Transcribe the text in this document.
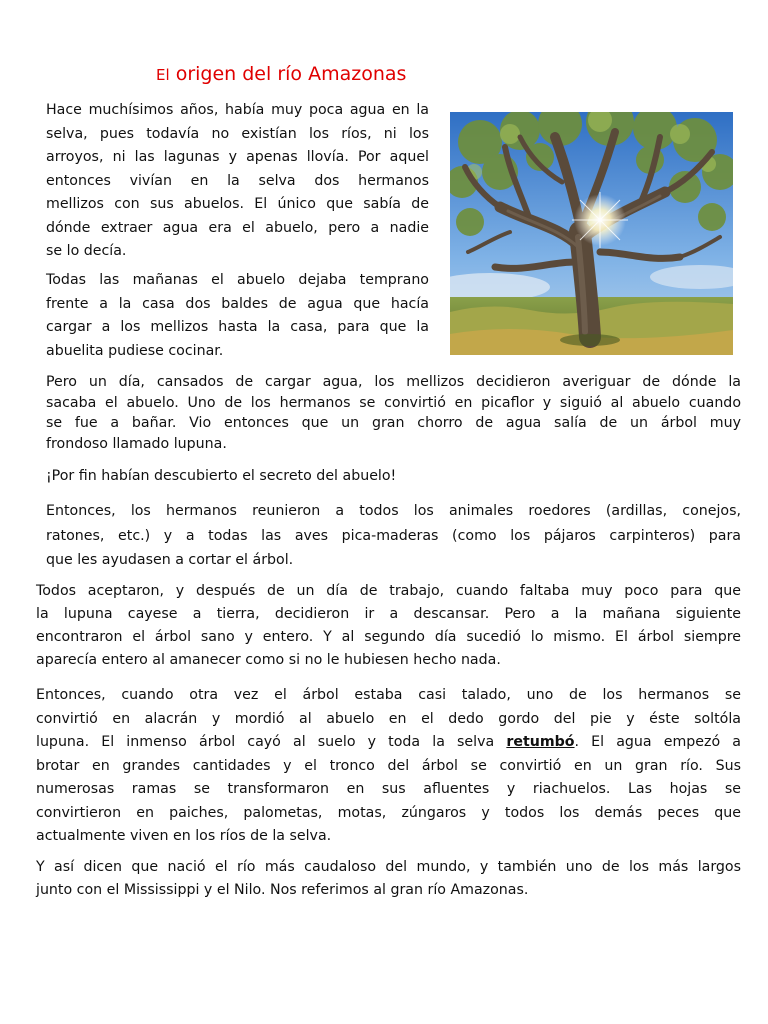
El origen del río Amazonas

Hace muchísimos años, había muy poca agua en la
selva, pues todavía no existían los ríos, ni los
arroyos, ni las lagunas y apenas llovía. Por aquel
entonces vivían en la selva dos hermanos
mellizos con sus abuelos. El único que sabía de
dónde extraer agua era el abuelo, pero a nadie
se lo decía.

Todas las mañanas el abuelo dejaba temprano
frente a la casa dos baldes de agua que hacía
cargar a los mellizos hasta la casa, para que la
abuelita pudiese cocinar.

Pero un día, cansados de cargar agua, los mellizos decidieron averiguar de dónde la
sacaba el abuelo. Uno de los hermanos se convirtió en picaflor y siguió al abuelo cuando
se fue a bañar. Vio entonces que un gran chorro de agua salía de un árbol muy
frondoso llamado lupuna.

¡Por fin habían descubierto el secreto del abuelo!

Entonces, los hermanos reunieron a todos los animales roedores (ardillas, conejos,
ratones, etc.) y a todas las aves pica-maderas (como los pájaros carpinteros) para
que les ayudasen a cortar el árbol.

Todos aceptaron, y después de un día de trabajo, cuando faltaba muy poco para que
la lupuna cayese a tierra, decidieron ir a descansar. Pero a la mañana siguiente
encontraron el árbol sano y entero. Y al segundo día sucedió lo mismo. El árbol siempre
aparecía entero al amanecer como si no le hubiesen hecho nada.

Entonces, cuando otra vez el árbol estaba casi talado, uno de los hermanos se
convirtió en alacrán y mordió al abuelo en el dedo gordo del pie y éste soltóla
lupuna. El inmenso árbol cayó al suelo y toda la selva retumbó. El agua empezó a
brotar en grandes cantidades y el tronco del árbol se convirtió en un gran río. Sus
numerosas ramas se transformaron en sus afluentes y riachuelos. Las hojas se
convirtieron en paiches, palometas, motas, zúngaros y todos los demás peces que
actualmente viven en los ríos de la selva.

Y así dicen que nació el río más caudaloso del mundo, y también uno de los más largos
junto con el Mississippi y el Nilo. Nos referimos al gran río Amazonas.
